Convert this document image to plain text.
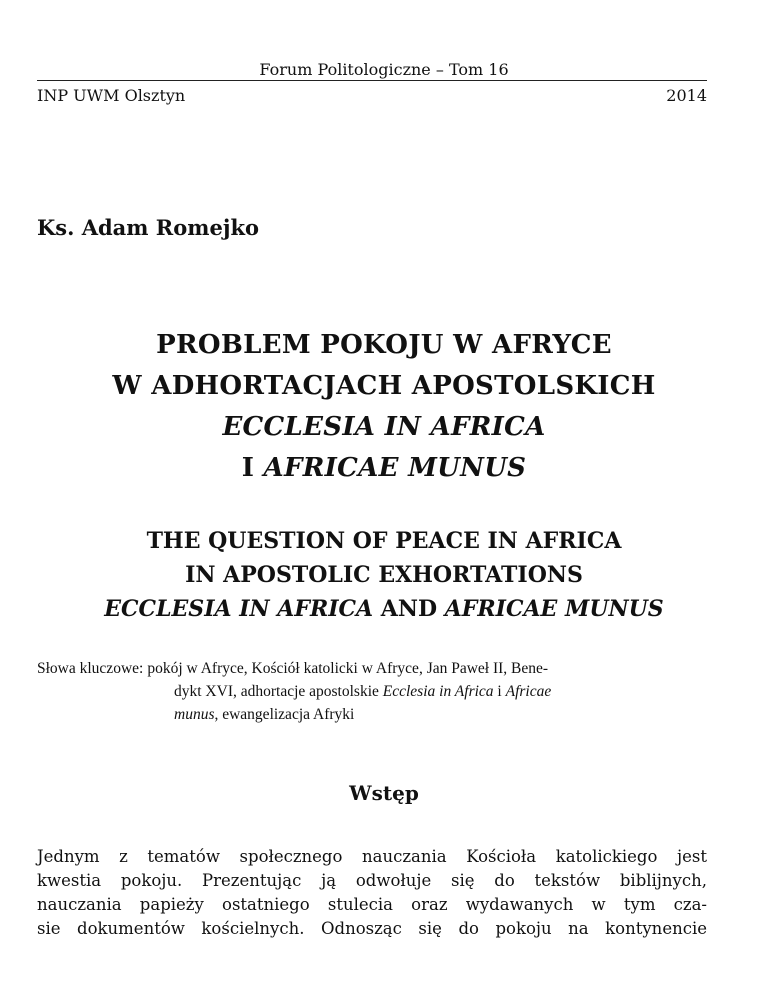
Forum Politologiczne – Tom 16
INP UWM Olsztyn	2014
Ks. Adam Romejko
PROBLEM POKOJU W AFRYCE
W ADHORTACJACH APOSTOLSKICH
ECCLESIA IN AFRICA
I AFRICAE MUNUS
THE QUESTION OF PEACE IN AFRICA
IN APOSTOLIC EXHORTATIONS
ECCLESIA IN AFRICA AND AFRICAE MUNUS
Słowa kluczowe: pokój w Afryce, Kościół katolicki w Afryce, Jan Paweł II, Bene-
dykt XVI, adhortacje apostolskie Ecclesia in Africa i Africae
munus, ewangelizacja Afryki
Wstęp
Jednym z tematów społecznego nauczania Kościoła katolickiego jest
kwestia pokoju. Prezentując ją odwołuje się do tekstów biblijnych,
nauczania papieży ostatniego stulecia oraz wydawanych w tym cza-
sie dokumentów kościelnych. Odnosząc się do pokoju na kontynencie
